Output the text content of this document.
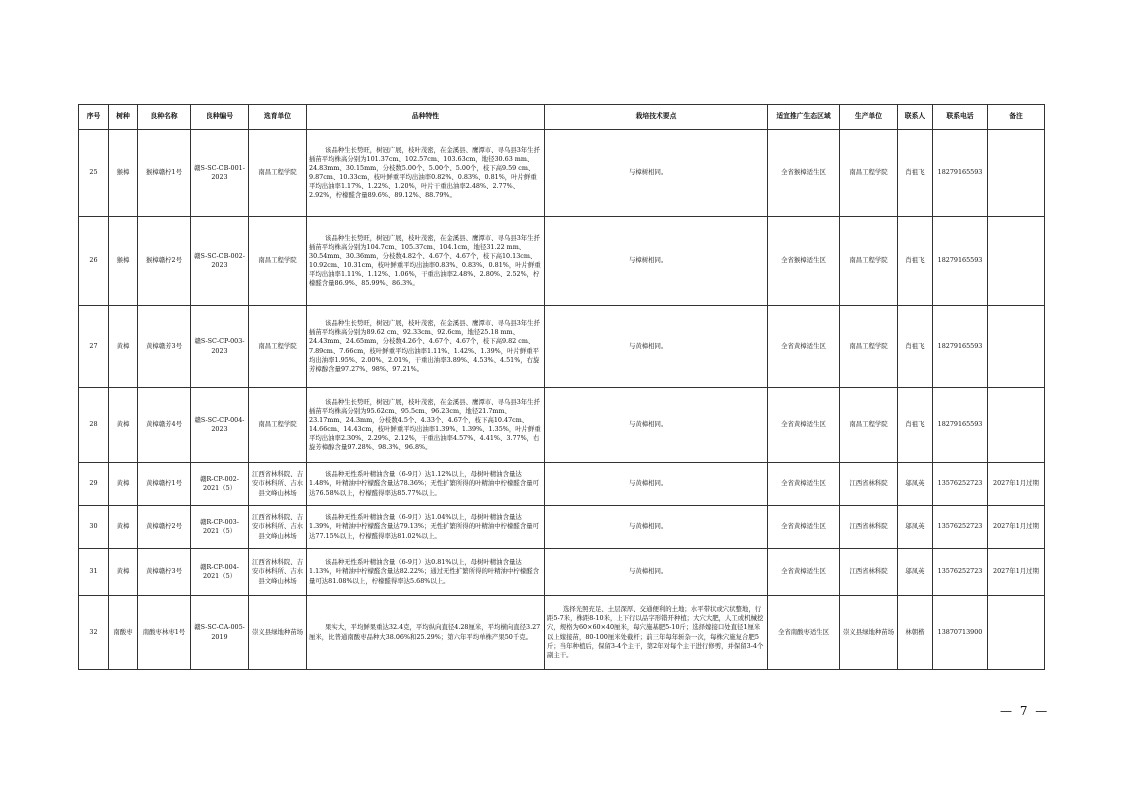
序号	树种	良种名称	良种编号	选育单位	品种特性	栽培技术要点	适宜推广生态区域	生产单位	联系人	联系电话	备注
25	猴樟	猴樟赣柠1号	赣S-SC-CB-001-2023	南昌工程学院	该品种生长势旺，树冠广展，枝叶茂密，在金溪县、鹰潭市、寻乌县3年生扦插苗平均株高分别为101.37cm、102.57cm、103.63cm，地径30.63 mm、24.83mm、30.15mm，分枝数5.00个、5.00个、5.00个，枝下高9.59 cm、9.87cm、10.33cm，枝叶鲜重平均出油率0.82%、0.83%、0.81%，叶片鲜重平均出油率1.17%、1.22%、1.20%，叶片干重出油率2.48%、2.77%、2.92%，柠檬醛含量89.6%、89.12%、88.79%。	与樟树相同。	全省猴樟适生区	南昌工程学院	肖祖飞	18279165593	
26	猴樟	猴樟赣柠2号	赣S-SC-CB-002-2023	南昌工程学院	该品种生长势旺，树冠广展，枝叶茂密，在金溪县、鹰潭市、寻乌县3年生扦插苗平均株高分别为104.7cm、105.37cm、104.1cm，地径31.22 mm、30.54mm、30.36mm，分枝数4.82个、4.67个、4.67个，枝下高10.13cm、10.92cm、10.31cm，枝叶鲜重平均出油率0.83%、0.83%、0.81%，叶片鲜重平均出油率1.11%、1.12%、1.06%，干重出油率2.48%、2.80%、2.52%，柠檬醛含量86.9%、85.99%、86.3%。	与樟树相同。	全省猴樟适生区	南昌工程学院	肖祖飞	18279165593	
27	黄樟	黄樟赣芳3号	赣S-SC-CP-003-2023	南昌工程学院	该品种生长势旺，树冠广展，枝叶茂密，在金溪县、鹰潭市、寻乌县3年生扦插苗平均株高分别为89.62 cm、92.33cm、92.6cm，地径25.18 mm、24.43mm、24.65mm，分枝数4.26个、4.67个、4.67个，枝下高9.82 cm、7.89cm、7.66cm，枝叶鲜重平均出油率1.11%、1.42%、1.39%，叶片鲜重平均出油率1.95%、2.00%、2.01%，干重出油率3.89%、4.53%、4.51%，右旋芳樟醇含量97.27%、98%、97.21%。	与黄樟相同。	全省黄樟适生区	南昌工程学院	肖祖飞	18279165593	
28	黄樟	黄樟赣芳4号	赣S-SC-CP-004-2023	南昌工程学院	该品种生长势旺，树冠广展，枝叶茂密，在金溪县、鹰潭市、寻乌县3年生扦插苗平均株高分别为95.62cm、95.5cm、96.23cm，地径21.7mm、23.17mm、24.3mm，分枝数4.5个、4.33个、4.67个，枝下高10.47cm、14.66cm、14.43cm，枝叶鲜重平均出油率1.39%、1.39%、1.35%，叶片鲜重平均出油率2.30%、2.29%、2.12%，干重出油率4.57%、4.41%、3.77%，右旋芳樟醇含量97.28%、98.3%、96.8%。	与黄樟相同。	全省黄樟适生区	南昌工程学院	肖祖飞	18279165593	
29	黄樟	黄樟赣柠1号	赣R-CP-002-2021（5）	江西省林科院、吉安市林科所、吉水县文峰山林场	该品种无性系叶精油含量（6-9月）达1.12%以上，母树叶精油含量达1.48%，叶精油中柠檬醛含量达78.36%；无性扩繁所得的叶精油中柠檬醛含量可达76.58%以上，柠檬醛得率达85.77%以上。	与黄樟相同。	全省黄樟适生区	江西省林科院	邬凤英	13576252723	2027年1月过期
30	黄樟	黄樟赣柠2号	赣R-CP-003-2021（5）	江西省林科院、吉安市林科所、吉水县文峰山林场	该品种无性系叶精油含量（6-9月）达1.04%以上，母树叶精油含量达1.39%，叶精油中柠檬醛含量达79.13%；无性扩繁所得的叶精油中柠檬醛含量可达77.15%以上，柠檬醛得率达81.02%以上。	与黄樟相同。	全省黄樟适生区	江西省林科院	邬凤英	13576252723	2027年1月过期
31	黄樟	黄樟赣柠3号	赣R-CP-004-2021（5）	江西省林科院、吉安市林科所、吉水县文峰山林场	该品种无性系叶精油含量（6-9月）达0.81%以上，母树叶精油含量达1.13%，叶精油中柠檬醛含量达82.22%；通过无性扩繁所得的叶精油中柠檬醛含量可达81.08%以上，柠檬醛得率达5.68%以上。	与黄樟相同。	全省黄樟适生区	江西省林科院	邬凤英	13576252723	2027年1月过期
32	南酸枣	南酸枣林枣1号	赣S-SC-CA-005-2019	崇义县绿地种苗场	果实大，平均鲜果重达32.4克，平均纵向直径4.28厘米，平均横向直径3.27厘米，比普通南酸枣品种大38.06%和25.29%；第六年平均单株产果50千克。	选择光照充足、土层深厚、交通便利的土地；水平带状或穴状整地，行距5-7米，株距8-10米，上下行以品字形错开种植；大穴大肥，人工或机械挖穴，规格为60×60×40厘米，每穴施基肥5-10斤；选择嫁接口处直径1厘米以上嫁接苗，80-100厘米处截杆；前三年每年斩杂一次，每株穴施复合肥5斤；当年种植后，保留3-4个主干，第2年对每个主干进行修剪，并保留3-4个副主干。	全省南酸枣适生区	崇义县绿地种苗场	林朝楷	13870713900	
— 7 —
